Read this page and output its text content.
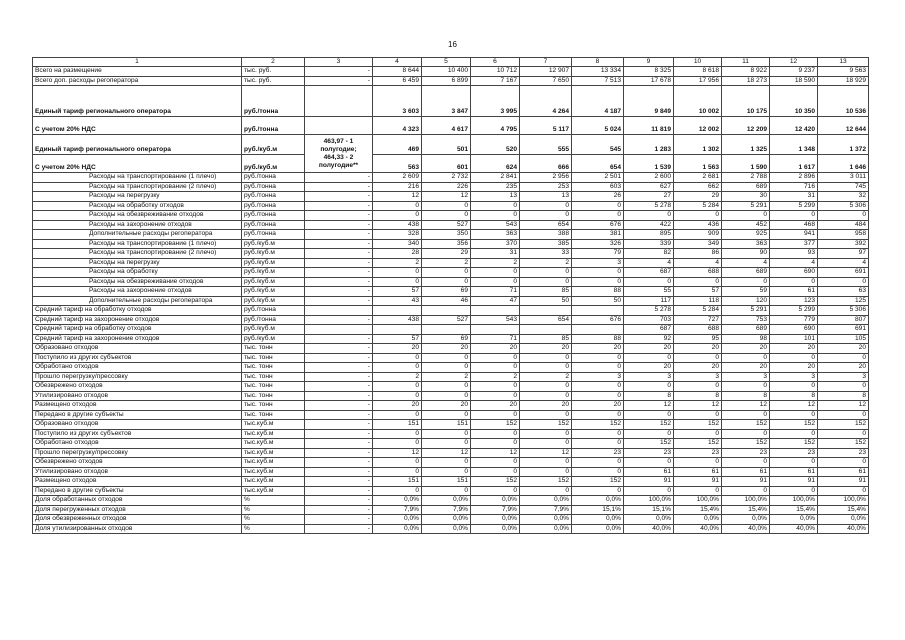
16
1	2	3	4	5	6	7	8	9	10	11	12	13
Всего на размещение	тыс. руб.	-	8 644	10 400	10 712	12 907	13 334	8 325	8 618	8 922	9 237	9 563
Всего доп. расходы регоператора	тыс. руб.	-	6 459	6 899	7 167	7 650	7 513	17 678	17 956	18 273	18 590	18 929
Единый тариф регионального оператора	руб./тонна		3 603	3 847	3 995	4 264	4 187	9 849	10 002	10 175	10 350	10 536
С учетом 20% НДС	руб./тонна		4 323	4 617	4 795	5 117	5 024	11 819	12 002	12 209	12 420	12 644
Единый тариф регионального оператора	руб./куб.м	463,97 - 1
полугодие;
464,33 - 2
полугодие**	469	501	520	555	545	1 283	1 302	1 325	1 348	1 372
С учетом 20% НДС	руб./куб.м		563	601	624	666	654	1 539	1 563	1 590	1 617	1 646
Расходы на транспортирование (1 плечо)	руб./тонна	-	2 609	2 732	2 841	2 956	2 501	2 600	2 681	2 788	2 896	3 011
Расходы на транспортирование (2 плечо)	руб./тонна	-	216	226	235	253	603	627	662	689	716	745
Расходы на перегрузку	руб./тонна	-	12	12	13	13	26	27	29	30	31	32
Расходы на обработку отходов	руб./тонна	-	0	0	0	0	0	5 278	5 284	5 291	5 299	5 306
Расходы на обезвреживание отходов	руб./тонна	-	0	0	0	0	0	0	0	0	0	0
Расходы на захоронение отходов	руб./тонна	-	438	527	543	654	676	422	436	452	468	484
Дополнительные расходы регоператора	руб./тонна	-	328	350	363	388	381	895	909	925	941	958
Расходы на транспортирование (1 плечо)	руб./куб.м	-	340	356	370	385	326	339	349	363	377	392
Расходы на транспортирование (2 плечо)	руб./куб.м	-	28	29	31	33	79	82	86	90	93	97
Расходы на перегрузку	руб./куб.м	-	2	2	2	2	3	4	4	4	4	4
Расходы на обработку	руб./куб.м	-	0	0	0	0	0	687	688	689	690	691
Расходы на обезвреживание отходов	руб./куб.м	-	0	0	0	0	0	0	0	0	0	0
Расходы на захоронение отходов	руб./куб.м	-	57	69	71	85	88	55	57	59	61	63
Дополнительные расходы регоператора	руб./куб.м	-	43	46	47	50	50	117	118	120	123	125
Средний тариф на обработку отходов	руб./тонна							5 278	5 284	5 291	5 299	5 306
Средний тариф на захоронение отходов	руб./тонна	-	438	527	543	654	676	703	727	753	779	807
Средний тариф на обработку отходов	руб./куб.м							687	688	689	690	691
Средний тариф на захоронение отходов	руб./куб.м	-	57	69	71	85	88	92	95	98	101	105
Образовано отходов	тыс. тонн	-	20	20	20	20	20	20	20	20	20	20
Поступило из других субъектов	тыс. тонн	-	0	0	0	0	0	0	0	0	0	0
Обработано отходов	тыс. тонн	-	0	0	0	0	0	20	20	20	20	20
Прошло перегрузку/прессовку	тыс. тонн	-	2	2	2	2	3	3	3	3	3	3
Обезврежено отходов	тыс. тонн	-	0	0	0	0	0	0	0	0	0	0
Утилизировано отходов	тыс. тонн	-	0	0	0	0	0	8	8	8	8	8
Размещено отходов	тыс. тонн	-	20	20	20	20	20	12	12	12	12	12
Передано в другие субъекты	тыс. тонн	-	0	0	0	0	0	0	0	0	0	0
Образовано отходов	тыс.куб.м	-	151	151	152	152	152	152	152	152	152	152
Поступило из других субъектов	тыс.куб.м	-	0	0	0	0	0	0	0	0	0	0
Обработано отходов	тыс.куб.м	-	0	0	0	0	0	152	152	152	152	152
Прошло перегрузку/прессовку	тыс.куб.м	-	12	12	12	12	23	23	23	23	23	23
Обезврежено отходов	тыс.куб.м	-	0	0	0	0	0	0	0	0	0	0
Утилизировано отходов	тыс.куб.м	-	0	0	0	0	0	61	61	61	61	61
Размещено отходов	тыс.куб.м	-	151	151	152	152	152	91	91	91	91	91
Передано в другие субъекты	тыс.куб.м	-	0	0	0	0	0	0	0	0	0	0
Доля обработанных отходов	%	-	0,0%	0,0%	0,0%	0,0%	0,0%	100,0%	100,0%	100,0%	100,0%	100,0%
Доля перегруженных отходов	%	-	7,9%	7,9%	7,9%	7,9%	15,1%	15,1%	15,4%	15,4%	15,4%	15,4%
Доля обезвреженных отходов	%	-	0,0%	0,0%	0,0%	0,0%	0,0%	0,0%	0,0%	0,0%	0,0%	0,0%
Доля утилизированных отходов	%	-	0,0%	0,0%	0,0%	0,0%	0,0%	40,0%	40,0%	40,0%	40,0%	40,0%
